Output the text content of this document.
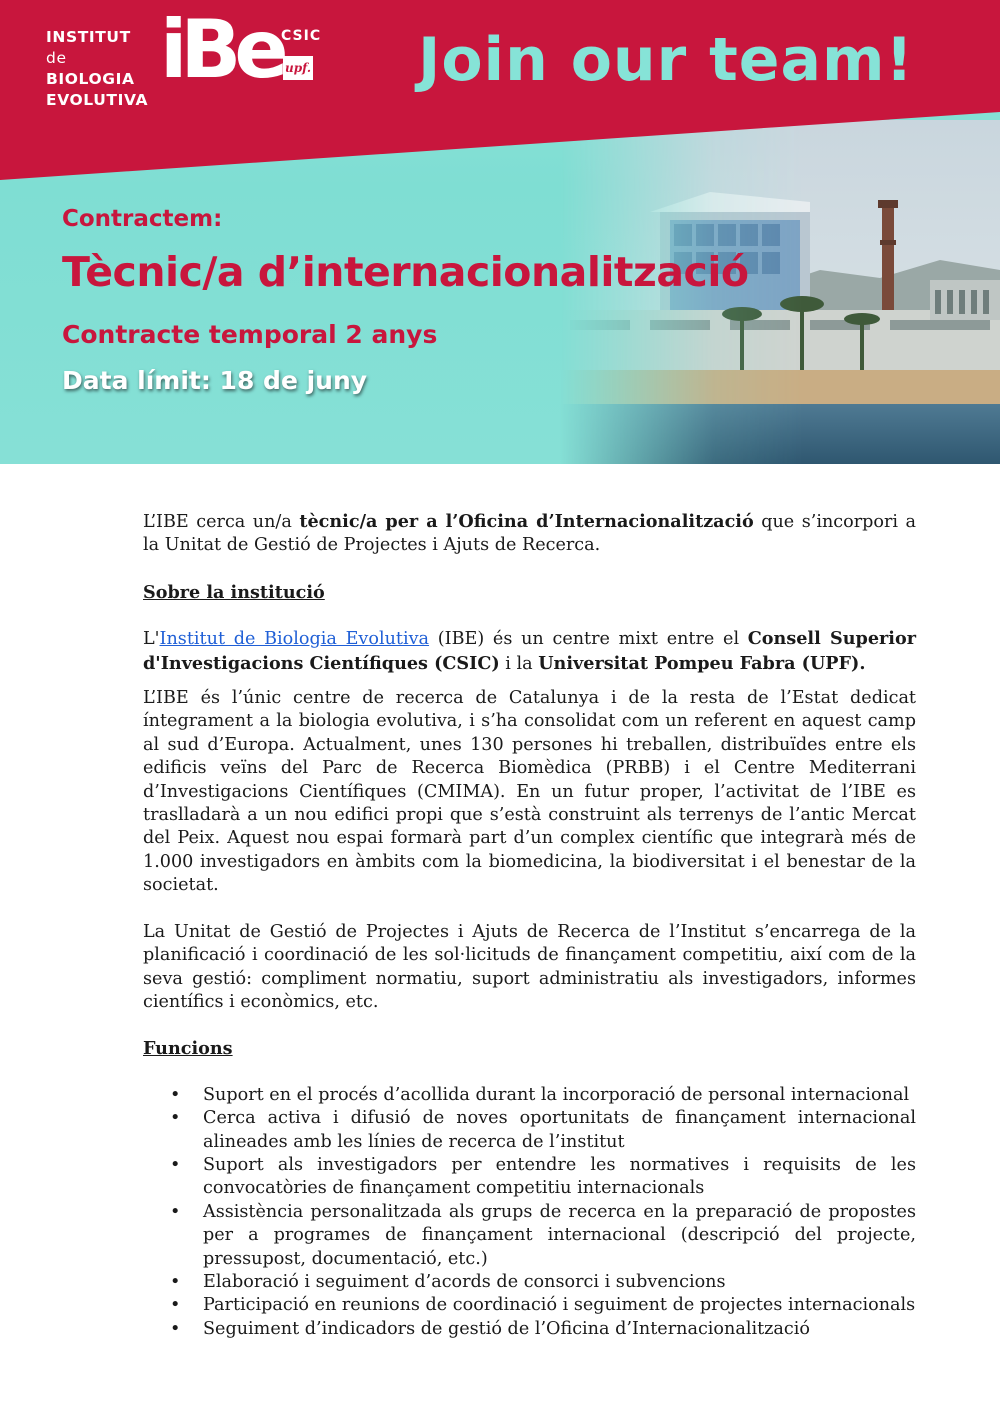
INSTITUT
de
BIOLOGIA
EVOLUTIVA
iBe CSIC
upf. Join our team!
Contractem:
Tècnic/a d’internacionalització
Contracte temporal 2 anys
Data límit: 18 de juny

L’IBE cerca un/a tècnic/a per a l’Oficina d’Internacionalització que s’incorpori a la Unitat de Gestió de Projectes i Ajuts de Recerca.

Sobre la institució

L'Institut de Biologia Evolutiva (IBE) és un centre mixt entre el Consell Superior d'Investigacions Científiques (CSIC) i la Universitat Pompeu Fabra (UPF).

L’IBE és l’únic centre de recerca de Catalunya i de la resta de l’Estat dedicat íntegrament a la biologia evolutiva, i s’ha consolidat com un referent en aquest camp al sud d’Europa. Actualment, unes 130 persones hi treballen, distribuïdes entre els edificis veïns del Parc de Recerca Biomèdica (PRBB) i el Centre Mediterrani d’Investigacions Científiques (CMIMA). En un futur proper, l’activitat de l’IBE es traslladarà a un nou edifici propi que s’està construint als terrenys de l’antic Mercat del Peix. Aquest nou espai formarà part d’un complex científic que integrarà més de 1.000 investigadors en àmbits com la biomedicina, la biodiversitat i el benestar de la societat.

La Unitat de Gestió de Projectes i Ajuts de Recerca de l’Institut s’encarrega de la planificació i coordinació de les sol·licituds de finançament competitiu, així com de la seva gestió: compliment normatiu, suport administratiu als investigadors, informes científics i econòmics, etc.

Funcions

• Suport en el procés d’acollida durant la incorporació de personal internacional
• Cerca activa i difusió de noves oportunitats de finançament internacional alineades amb les línies de recerca de l’institut
• Suport als investigadors per entendre les normatives i requisits de les convocatòries de finançament competitiu internacionals
• Assistència personalitzada als grups de recerca en la preparació de propostes per a programes de finançament internacional (descripció del projecte, pressupost, documentació, etc.)
• Elaboració i seguiment d’acords de consorci i subvencions
• Participació en reunions de coordinació i seguiment de projectes internacionals
• Seguiment d’indicadors de gestió de l’Oficina d’Internacionalització
